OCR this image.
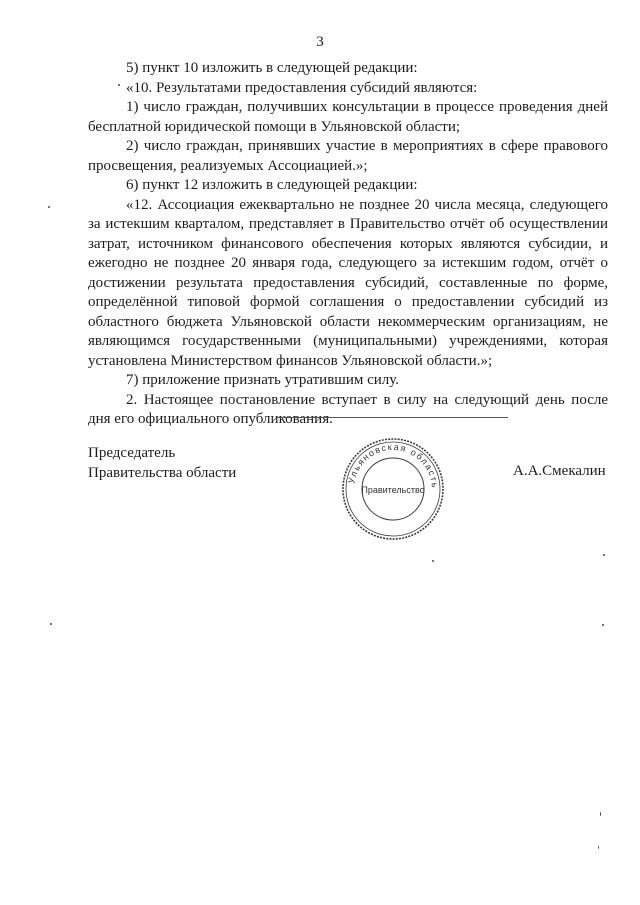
3

5) пункт 10 изложить в следующей редакции:

«10. Результатами предоставления субсидий являются:

1) число граждан, получивших консультации в процессе проведения дней бесплатной юридической помощи в Ульяновской области;

2) число граждан, принявших участие в мероприятиях в сфере правового просвещения, реализуемых Ассоциацией.»;

6) пункт 12 изложить в следующей редакции:

«12. Ассоциация ежеквартально не позднее 20 числа месяца, следующего за истекшим кварталом, представляет в Правительство отчёт об осуществлении затрат, источником финансового обеспечения которых являются субсидии, и ежегодно не позднее 20 января года, следующего за истекшим годом, отчёт о достижении результата предоставления субсидий, составленные по форме, определённой типовой формой соглашения о предоставлении субсидий из областного бюджета Ульяновской области некоммерческим организациям, не являющимся государственными (муниципальными) учреждениями, которая установлена Министерством финансов Ульяновской области.»;

7) приложение признать утратившим силу.

2. Настоящее постановление вступает в силу на следующий день после дня его официального опубликования.

Председатель
Правительства области	Ульяновская область
Правительство
А.А.Смекалин
